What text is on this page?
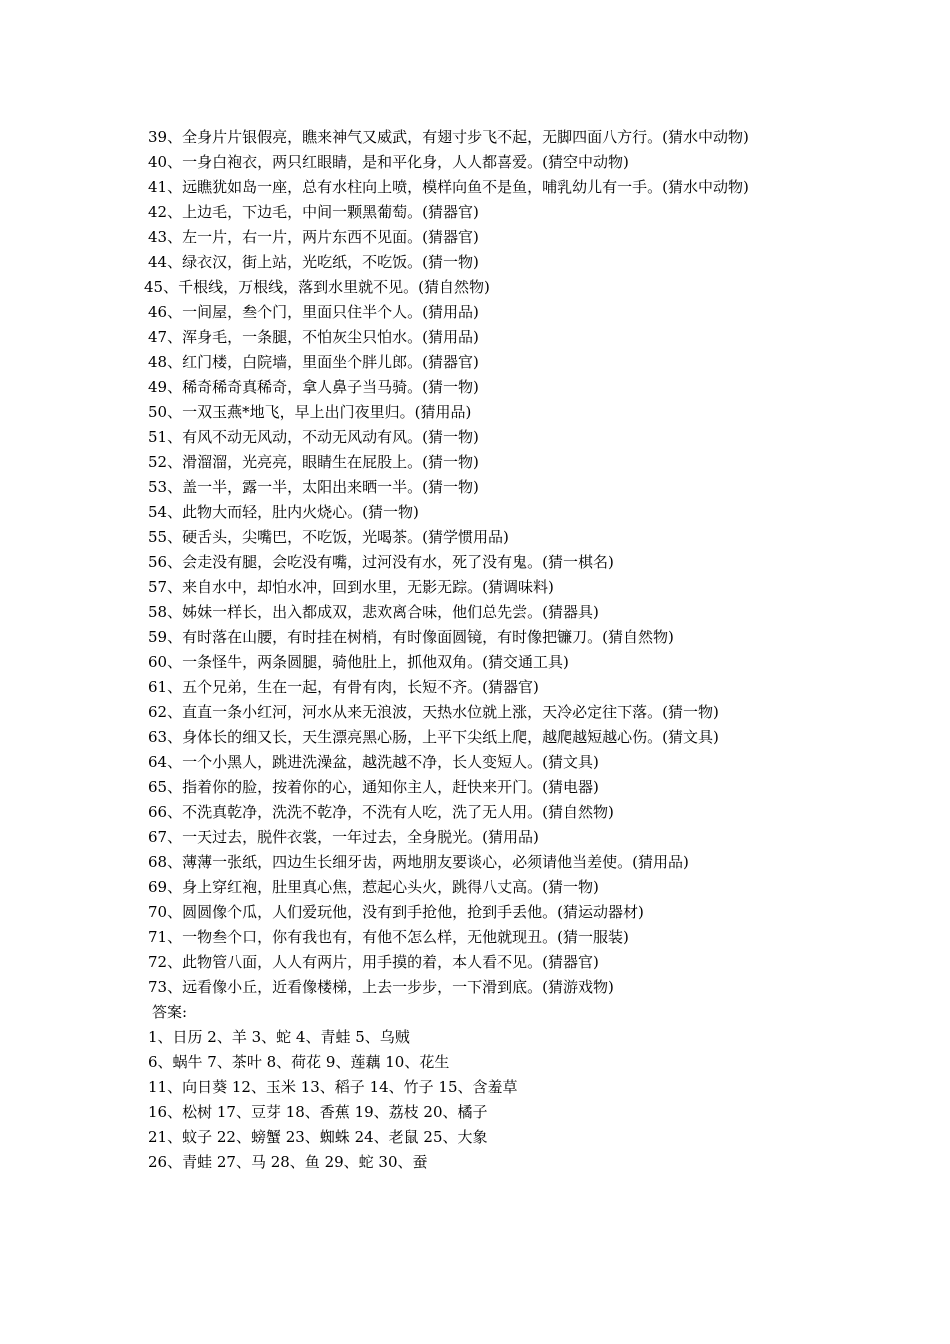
39、全身片片银假亮，瞧来神气又威武，有翅寸步飞不起，无脚四面八方行。(猜水中动物)
40、一身白袍衣，两只红眼睛，是和平化身，人人都喜爱。(猜空中动物)
41、远瞧犹如岛一座，总有水柱向上喷，模样向鱼不是鱼，哺乳幼儿有一手。(猜水中动物)
42、上边毛，下边毛，中间一颗黑葡萄。(猜器官)
43、左一片，右一片，两片东西不见面。(猜器官)
44、绿衣汉，街上站，光吃纸，不吃饭。(猜一物)
45、千根线，万根线，落到水里就不见。(猜自然物)
46、一间屋，叁个门，里面只住半个人。(猜用品)
47、浑身毛，一条腿，不怕灰尘只怕水。(猜用品)
48、红门楼，白院墙，里面坐个胖儿郎。(猜器官)
49、稀奇稀奇真稀奇，拿人鼻子当马骑。(猜一物)
50、一双玉燕*地飞，早上出门夜里归。(猜用品)
51、有风不动无风动，不动无风动有风。(猜一物)
52、滑溜溜，光亮亮，眼睛生在屁股上。(猜一物)
53、盖一半，露一半，太阳出来晒一半。(猜一物)
54、此物大而轻，肚内火烧心。(猜一物)
55、硬舌头，尖嘴巴，不吃饭，光喝茶。(猜学惯用品)
56、会走没有腿，会吃没有嘴，过河没有水，死了没有鬼。(猜一棋名)
57、来自水中，却怕水冲，回到水里，无影无踪。(猜调味料)
58、姊妹一样长，出入都成双，悲欢离合味，他们总先尝。(猜器具)
59、有时落在山腰，有时挂在树梢，有时像面圆镜，有时像把镰刀。(猜自然物)
60、一条怪牛，两条圆腿，骑他肚上，抓他双角。(猜交通工具)
61、五个兄弟，生在一起，有骨有肉，长短不齐。(猜器官)
62、直直一条小红河，河水从来无浪波，天热水位就上涨，天冷必定往下落。(猜一物)
63、身体长的细又长，天生漂亮黑心肠，上平下尖纸上爬，越爬越短越心伤。(猜文具)
64、一个小黑人，跳进洗澡盆，越洗越不净，长人变短人。(猜文具)
65、指着你的脸，按着你的心，通知你主人，赶快来开门。(猜电器)
66、不洗真乾净，洗洗不乾净，不洗有人吃，洗了无人用。(猜自然物)
67、一天过去，脱件衣裳，一年过去，全身脱光。(猜用品)
68、薄薄一张纸，四边生长细牙齿，两地朋友要谈心，必须请他当差使。(猜用品)
69、身上穿红袍，肚里真心焦，惹起心头火，跳得八丈高。(猜一物)
70、圆圆像个瓜，人们爱玩他，没有到手抢他，抢到手丢他。(猜运动器材)
71、一物叁个口，你有我也有，有他不怎么样，无他就现丑。(猜一服装)
72、此物管八面，人人有两片，用手摸的着，本人看不见。(猜器官)
73、远看像小丘，近看像楼梯，上去一步步，一下滑到底。(猜游戏物)
答案:
1、日历 2、羊 3、蛇 4、青蛙 5、乌贼
6、蜗牛 7、茶叶 8、荷花 9、莲藕 10、花生
11、向日葵 12、玉米 13、稻子 14、竹子 15、含羞草
16、松树 17、豆芽 18、香蕉 19、荔枝 20、橘子
21、蚊子 22、螃蟹 23、蜘蛛 24、老鼠 25、大象
26、青蛙 27、马 28、鱼 29、蛇 30、蚕
